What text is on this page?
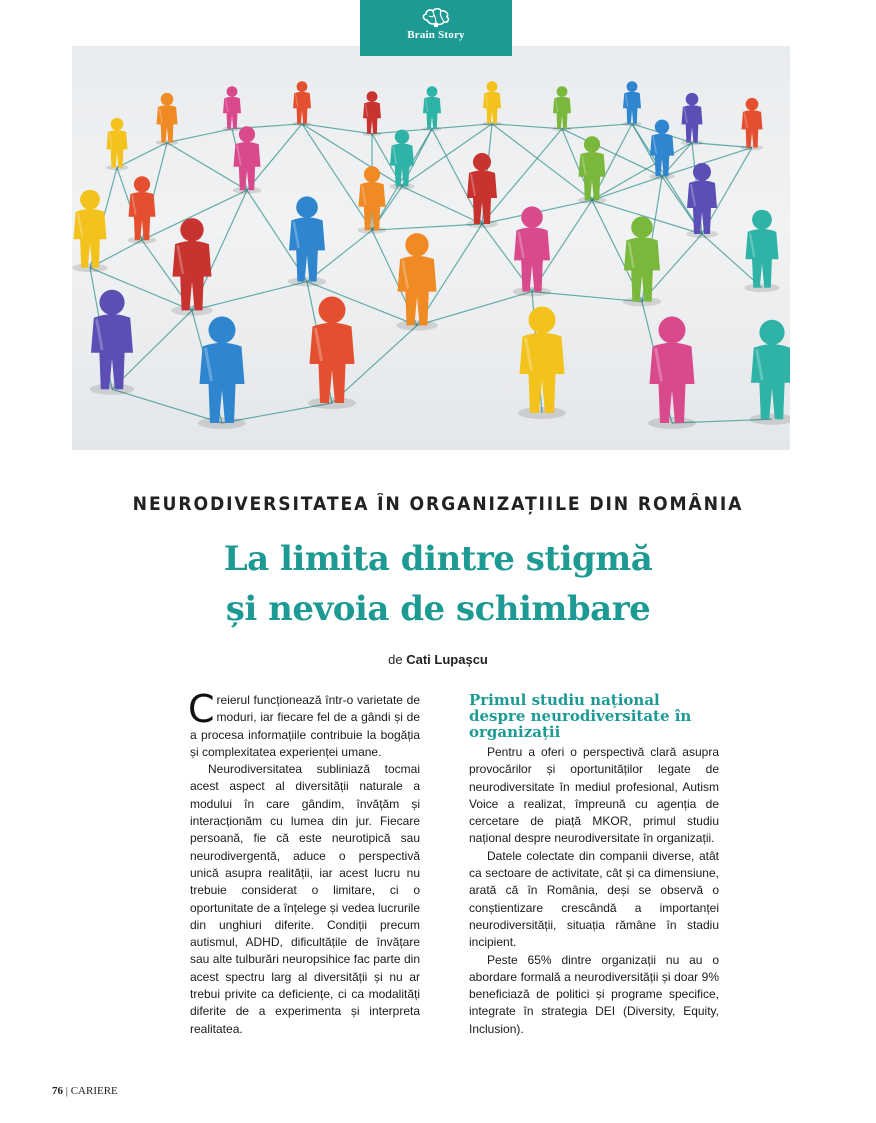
Brain Story
NEURODIVERSITATEA ÎN ORGANIZAȚIILE DIN ROMÂNIA
La limita dintre stigmă
și nevoia de schimbare
de Cati Lupașcu

Creierul funcționează într-o varietate de moduri, iar fiecare fel de a gândi și de a procesa informațiile contribuie la bogăția și complexitatea experienței umane.

Neurodiversitatea subliniază tocmai acest aspect al diversității naturale a modului în care gândim, învățăm și interacționăm cu lumea din jur. Fiecare persoană, fie că este neurotipică sau neurodivergentă, aduce o perspectivă unică asupra realității, iar acest lucru nu trebuie considerat o limitare, ci o oportunitate de a înțelege și vedea lucrurile din unghiuri diferite. Condiții precum autismul, ADHD, dificultățile de învățare sau alte tulburări neuropsihice fac parte din acest spectru larg al diversității și nu ar trebui privite ca deficiențe, ci ca modalități diferite de a experimenta și interpreta realitatea.

Primul studiu național despre neurodiversitate în organizații

Pentru a oferi o perspectivă clară asupra provocărilor și oportunităților legate de neurodiversitate în mediul profesional, Autism Voice a realizat, împreună cu agenția de cercetare de piață MKOR, primul studiu național despre neurodiversitate în organizații.

Datele colectate din companii diverse, atât ca sectoare de activitate, cât și ca dimensiune, arată că în România, deși se observă o conștientizare crescândă a importanței neurodiversității, situația rămâne în stadiu incipient.

Peste 65% dintre organizații nu au o abordare formală a neurodiversității și doar 9% beneficiază de politici și programe specifice, integrate în strategia DEI (Diversity, Equity, Inclusion).

76 | CARIERE
